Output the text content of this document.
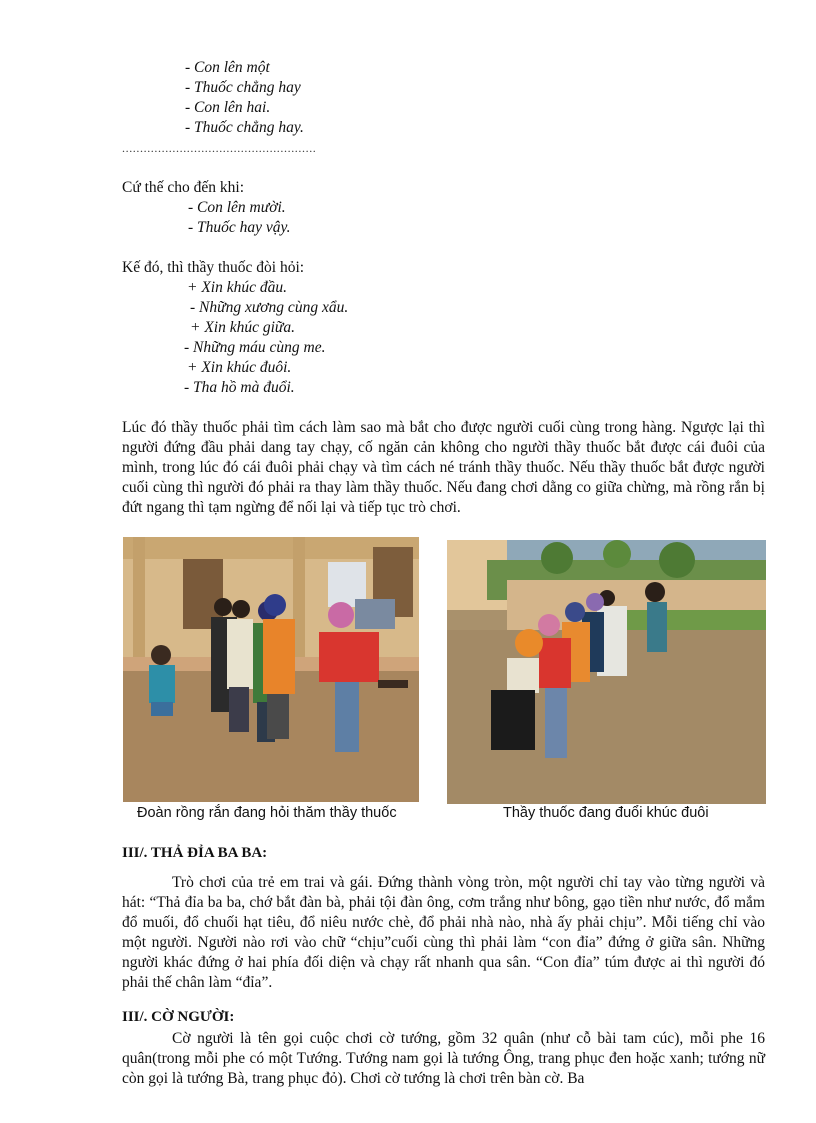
- Con lên một
- Thuốc chẳng hay
- Con lên hai.
- Thuốc chẳng hay.
......................................................
Cứ thế cho đến khi:
- Con lên mười.
- Thuốc hay vậy.
Kế đó, thì thầy thuốc đòi hỏi:
+ Xin khúc đầu.
- Những xương cùng xẩu.
+ Xin khúc giữa.
- Những máu cùng me.
+ Xin khúc đuôi.
- Tha hồ mà đuổi.
Lúc đó thầy thuốc phải tìm cách làm sao mà bắt cho được người cuối cùng trong hàng. Ngược lại thì người đứng đầu phải dang tay chạy, cố ngăn cản không cho người thầy thuốc bắt được cái đuôi của mình, trong lúc đó cái đuôi phải chạy và tìm cách né tránh thầy thuốc. Nếu thầy thuốc bắt được người cuối cùng thì người đó phải ra thay làm thầy thuốc. Nếu đang chơi dằng co giữa chừng, mà rồng rắn bị đứt ngang thì tạm ngừng để nối lại và tiếp tục trò chơi.
Đoàn rồng rắn đang hỏi thăm thầy thuốc	Thầy thuốc đang đuổi khúc đuôi
III/. THẢ ĐỈA BA BA:
Trò chơi của trẻ em trai và gái. Đứng thành vòng tròn, một người chỉ tay vào từng người và hát: “Thả đỉa ba ba, chớ bắt đàn bà, phải tội đàn ông, cơm trắng như bông, gạo tiền như nước, đổ mắm đổ muối, đổ chuối hạt tiêu, đổ niêu nước chè, đổ phải nhà nào, nhà ấy phải chịu”. Mỗi tiếng chỉ vào một người. Người nào rơi vào chữ “chịu”cuối cùng thì phải làm “con đỉa” đứng ở giữa sân. Những người khác đứng ở hai phía đối diện và chạy rất nhanh qua sân. “Con đỉa” túm được ai thì người đó phải thế chân làm “đỉa”.
III/. CỜ NGƯỜI:
Cờ người là tên gọi cuộc chơi cờ tướng, gồm 32 quân (như cỗ bài tam cúc), mỗi phe 16 quân(trong mỗi phe có một Tướng. Tướng nam gọi là tướng Ông, trang phục đen hoặc xanh; tướng nữ còn gọi là tướng Bà, trang phục đỏ). Chơi cờ tướng là chơi trên bàn cờ. Ba
